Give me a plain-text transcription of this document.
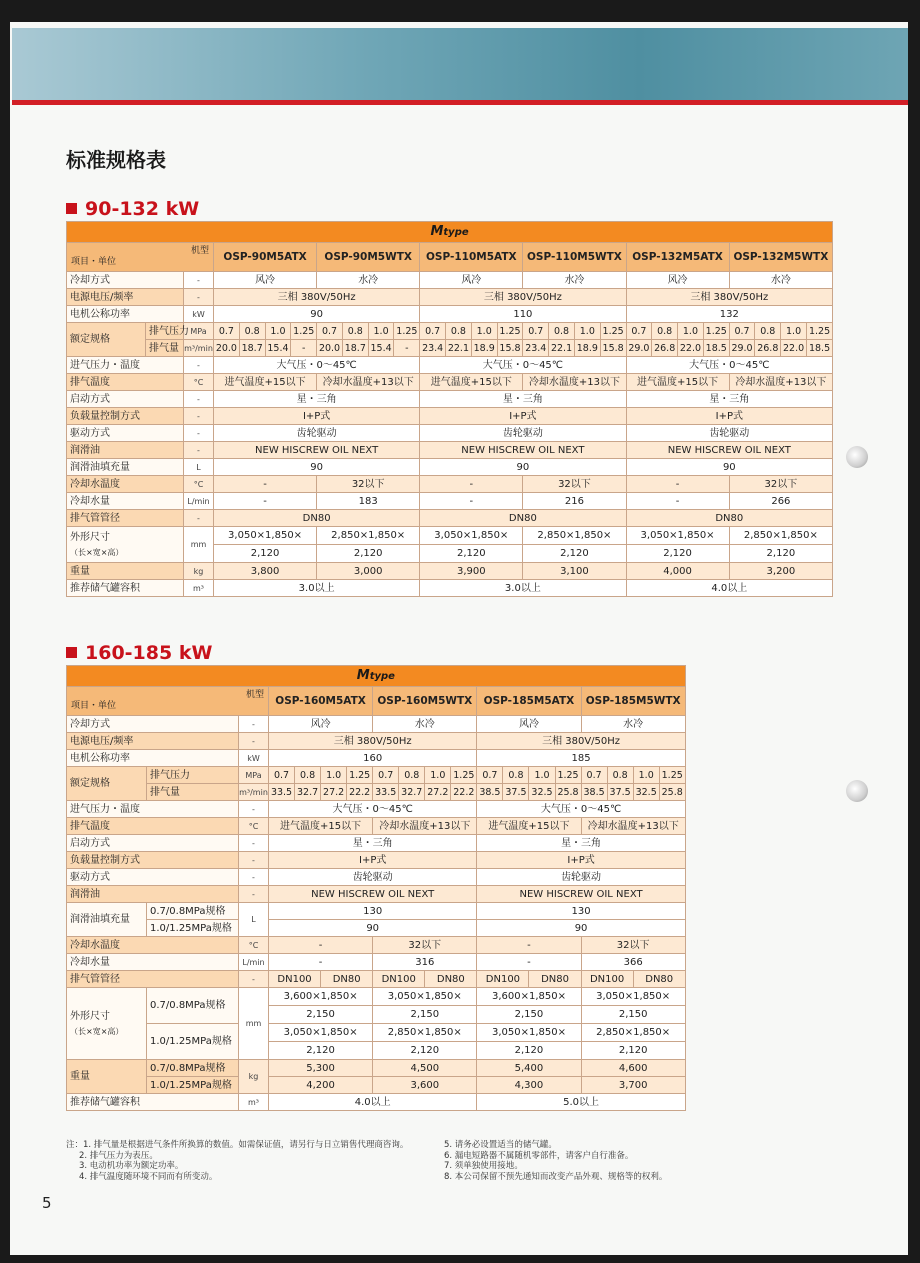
标准规格表
90-132 kW
160-185 kW
注：1. 排气量是根据进气条件所换算的数值。如需保证值，请另行与日立销售代理商咨询。
2. 排气压力为表压。
3. 电动机功率为额定功率。
4. 排气温度随环境不同而有所变动。
5. 请务必设置适当的储气罐。
6. 漏电短路器不属随机零部件，请客户自行准备。
7. 须单独使用接地。
8. 本公司保留不预先通知而改变产品外观、规格等的权利。
5
Mtype																										

机型
项目・单位			OSP-90M5ATX				OSP-90M5WTX				OSP-110M5ATX				OSP-110M5WTX				OSP-132M5ATX				OSP-132M5WTX			
冷却方式		-	风冷				水冷				风冷				水冷				风冷				水冷			
电源电压/频率		-	三相 380V/50Hz								三相 380V/50Hz								三相 380V/50Hz							
电机公称功率		kW	90								110								132							
额定规格	排气压力	MPa	0.7	0.8	1.0	1.25	0.7	0.8	1.0	1.25	0.7	0.8	1.0	1.25	0.7	0.8	1.0	1.25	0.7	0.8	1.0	1.25	0.7	0.8	1.0	1.25
	排气量	m³/min	20.0	18.7	15.4	-	20.0	18.7	15.4	-	23.4	22.1	18.9	15.8	23.4	22.1	18.9	15.8	29.0	26.8	22.0	18.5	29.0	26.8	22.0	18.5
进气压力・温度		-	大气压・0～45℃								大气压・0～45℃								大气压・0～45℃							
排气温度		°C	进气温度+15以下				冷却水温度+13以下				进气温度+15以下				冷却水温度+13以下				进气温度+15以下				冷却水温度+13以下			
启动方式		-	星・三角								星・三角								星・三角							
负载量控制方式		-	I+P式								I+P式								I+P式							
驱动方式		-	齿轮驱动								齿轮驱动								齿轮驱动							
润滑油		-	NEW HISCREW OIL NEXT								NEW HISCREW OIL NEXT								NEW HISCREW OIL NEXT							
润滑油填充量		L	90								90								90							
冷却水温度		°C	-				32以下				-				32以下				-				32以下			
冷却水量		L/min	-				183				-				216				-				266			
排气管管径		-	DN80								DN80								DN80							

外形尺寸
（长×宽×高）		mm	3,050×1,850×				2,850×1,850×				3,050×1,850×				2,850×1,850×				3,050×1,850×				2,850×1,850×			
			2,120				2,120				2,120				2,120				2,120				2,120			
重量		kg	3,800				3,000				3,900				3,100				4,000				3,200			
推荐储气罐容积		m³	3.0以上								3.0以上								4.0以上							
Mtype																		

机型
项目・单位			OSP-160M5ATX				OSP-160M5WTX				OSP-185M5ATX				OSP-185M5WTX			
冷却方式		-	风冷				水冷				风冷				水冷			
电源电压/频率		-	三相 380V/50Hz								三相 380V/50Hz							
电机公称功率		kW	160								185							
额定规格	排气压力	MPa	0.7	0.8	1.0	1.25	0.7	0.8	1.0	1.25	0.7	0.8	1.0	1.25	0.7	0.8	1.0	1.25
	排气量	m³/min	33.5	32.7	27.2	22.2	33.5	32.7	27.2	22.2	38.5	37.5	32.5	25.8	38.5	37.5	32.5	25.8
进气压力・温度		-	大气压・0～45℃								大气压・0～45℃							
排气温度		°C	进气温度+15以下				冷却水温度+13以下				进气温度+15以下				冷却水温度+13以下			
启动方式		-	星・三角								星・三角							
负载量控制方式		-	I+P式								I+P式							
驱动方式		-	齿轮驱动								齿轮驱动							
润滑油		-	NEW HISCREW OIL NEXT								NEW HISCREW OIL NEXT							
润滑油填充量	0.7/0.8MPa规格	L	130								130							
	1.0/1.25MPa规格		90								90							
冷却水温度		°C	-				32以下				-				32以下			
冷却水量		L/min	-				316				-				366			
排气管管径		-	DN100		DN80		DN100		DN80		DN100		DN80		DN100		DN80	

外形尺寸
（长×宽×高）	0.7/0.8MPa规格	mm	3,600×1,850×				3,050×1,850×				3,600×1,850×				3,050×1,850×			
			2,150				2,150				2,150				2,150			
	1.0/1.25MPa规格		3,050×1,850×				2,850×1,850×				3,050×1,850×				2,850×1,850×			
			2,120				2,120				2,120				2,120			
重量	0.7/0.8MPa规格	kg	5,300				4,500				5,400				4,600			
	1.0/1.25MPa规格		4,200				3,600				4,300				3,700			
推荐储气罐容积		m³	4.0以上								5.0以上							
